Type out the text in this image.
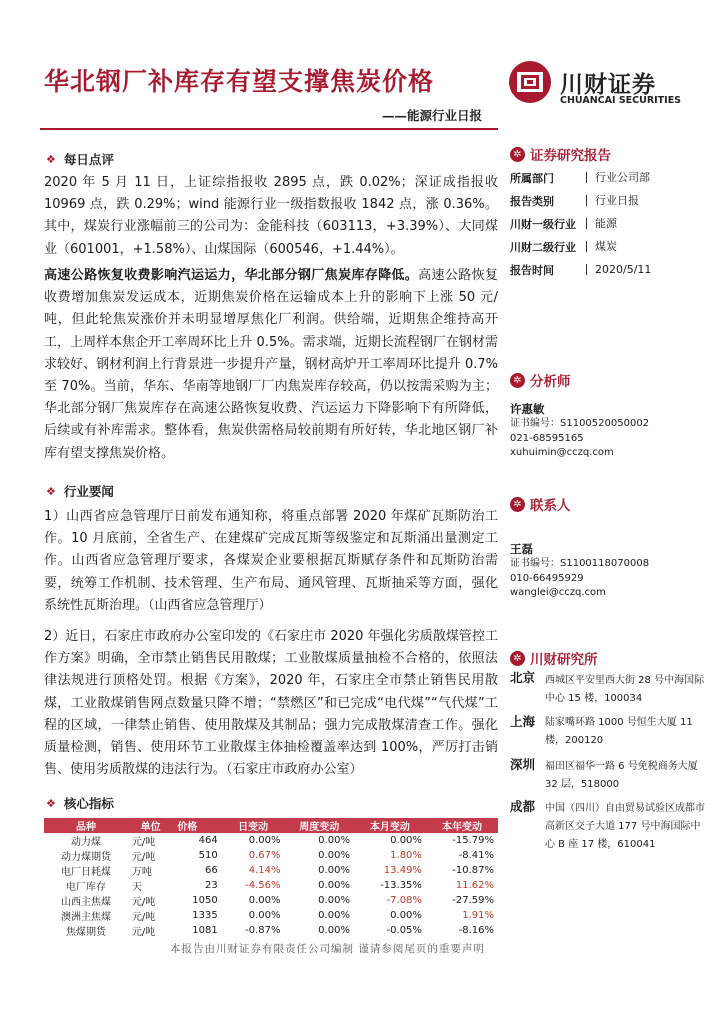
华北钢厂补库存有望支撑焦炭价格
——能源行业日报
川财证券
CHUANCAI SECURITIES
❖ 每日点评
2020 年 5 月 11 日，上证综指报收 2895 点，跌 0.02%；深证成指报收 10969 点，跌 0.29%；wind 能源行业一级指数报收 1842 点，涨 0.36%。其中，煤炭行业涨幅前三的公司为：金能科技（603113，+3.39%）、大同煤业（601001，+1.58%）、山煤国际（600546，+1.44%）。
高速公路恢复收费影响汽运运力，华北部分钢厂焦炭库存降低。高速公路恢复收费增加焦炭发运成本，近期焦炭价格在运输成本上升的影响下上涨 50 元/吨，但此轮焦炭涨价并未明显增厚焦化厂利润。供给端，近期焦企维持高开工，上周样本焦企开工率周环比上升 0.5%。需求端，近期长流程钢厂在钢材需求较好、钢材利润上行背景进一步提升产量，钢材高炉开工率周环比提升 0.7%至 70%。当前，华东、华南等地钢厂厂内焦炭库存较高，仍以按需采购为主；华北部分钢厂焦炭库存在高速公路恢复收费、汽运运力下降影响下有所降低，后续或有补库需求。整体看，焦炭供需格局较前期有所好转，华北地区钢厂补库有望支撑焦炭价格。
❖ 行业要闻
1）山西省应急管理厅日前发布通知称，将重点部署 2020 年煤矿瓦斯防治工作。10 月底前，全省生产、在建煤矿完成瓦斯等级鉴定和瓦斯涌出量测定工作。山西省应急管理厅要求，各煤炭企业要根据瓦斯赋存条件和瓦斯防治需要，统筹工作机制、技术管理、生产布局、通风管理、瓦斯抽采等方面，强化系统性瓦斯治理。（山西省应急管理厅）
2）近日，石家庄市政府办公室印发的《石家庄市 2020 年强化劣质散煤管控工作方案》明确，全市禁止销售民用散煤；工业散煤质量抽检不合格的，依照法律法规进行顶格处罚。根据《方案》，2020 年，石家庄全市禁止销售民用散煤，工业散煤销售网点数量只降不增；“禁燃区”和已完成“电代煤”“气代煤”工程的区域，一律禁止销售、使用散煤及其制品；强力完成散煤清查工作。强化质量检测，销售、使用环节工业散煤主体抽检覆盖率达到 100%，严厉打击销售、使用劣质散煤的违法行为。（石家庄市政府办公室）
❖ 核心指标
品种	单位	价格	日变动	周度变动	本月变动	本年变动
动力煤	元/吨	464	0.00%	0.00%	0.00%	-15.79%
动力煤期货	元/吨	510	0.67%	0.00%	1.80%	-8.41%
电厂日耗煤	万吨	66	4.14%	0.00%	13.49%	-10.87%
电厂库存	天	23	-4.56%	0.00%	-13.35%	11.62%
山西主焦煤	元/吨	1050	0.00%	0.00%	-7.08%	-27.59%
澳洲主焦煤	元/吨	1335	0.00%	0.00%	0.00%	1.91%
焦煤期货	元/吨	1081	-0.87%	0.00%	-0.05%	-8.16%
✲ 证券研究报告
所属部门	行业公司部
报告类别	行业日报
川财一级行业	能源
川财二级行业	煤炭
报告时间	2020/5/11
✲ 分析师
许惠敏
证书编号：S1100520050002
021-68595165
xuhuimin@cczq.com
✲ 联系人
王磊
证书编号：S1100118070008
010-66495929
wanglei@cczq.com
✲ 川财研究所
北京 西城区平安里西大街 28 号中海国际中心 15 楼，100034
上海 陆家嘴环路 1000 号恒生大厦 11 楼，200120
深圳 福田区福华一路 6 号免税商务大厦 32 层，518000
成都 中国（四川）自由贸易试验区成都市高新区交子大道 177 号中海国际中心 B 座 17 楼，610041
本报告由川财证券有限责任公司编制 谨请参阅尾页的重要声明
